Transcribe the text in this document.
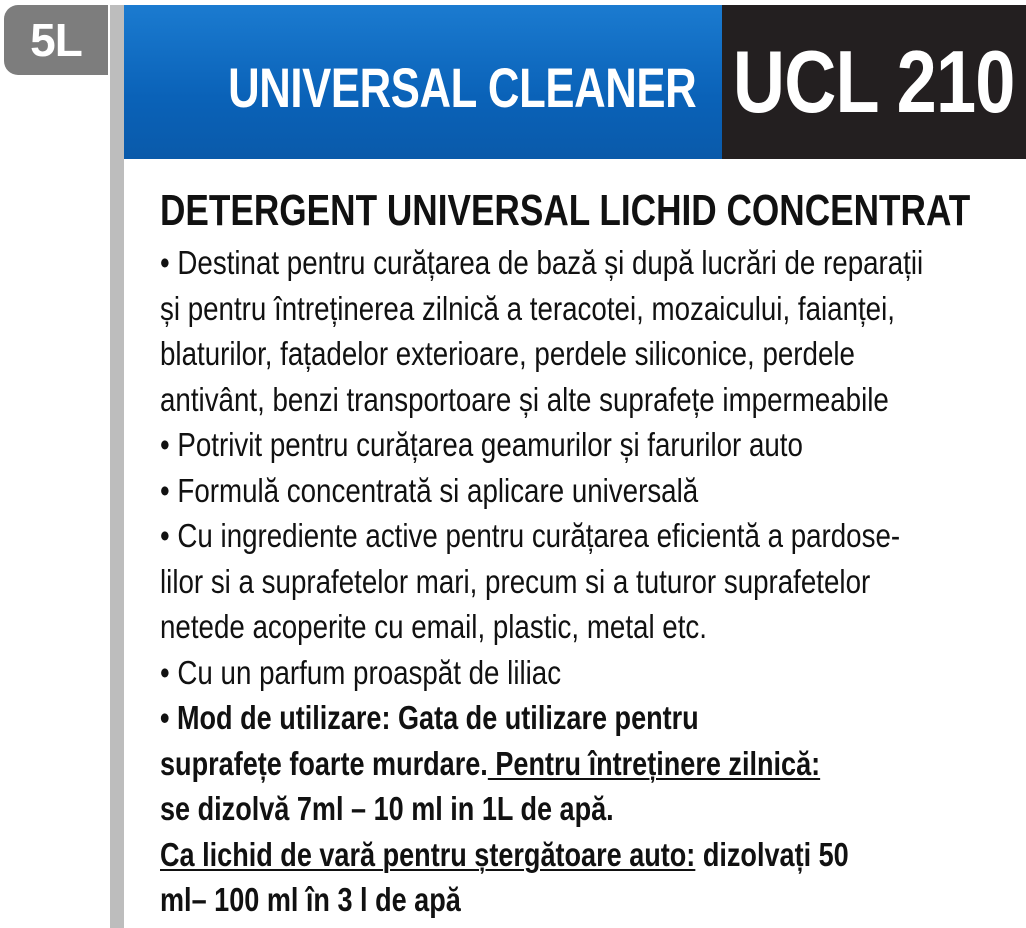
5L
UNIVERSAL CLEANER UCL 210
DETERGENT UNIVERSAL LICHID CONCENTRAT
• Destinat pentru curățarea de bază și după lucrări de reparații
și pentru întreținerea zilnică a teracotei, mozaicului, faianței,
blaturilor, fațadelor exterioare, perdele siliconice, perdele
antivânt, benzi transportoare și alte suprafețe impermeabile
• Potrivit pentru curățarea geamurilor și farurilor auto
• Formulă concentrată si aplicare universală
• Cu ingrediente active pentru curățarea eficientă a pardose-
lilor si a suprafetelor mari, precum si a tuturor suprafetelor
netede acoperite cu email, plastic, metal etc.
• Cu un parfum proaspăt de liliac
• Mod de utilizare: Gata de utilizare pentru
suprafețe foarte murdare. Pentru întreținere zilnică:
se dizolvă 7ml – 10 ml in 1L de apă.
Ca lichid de vară pentru ștergătoare auto: dizolvați 50
ml– 100 ml în 3 l de apă
